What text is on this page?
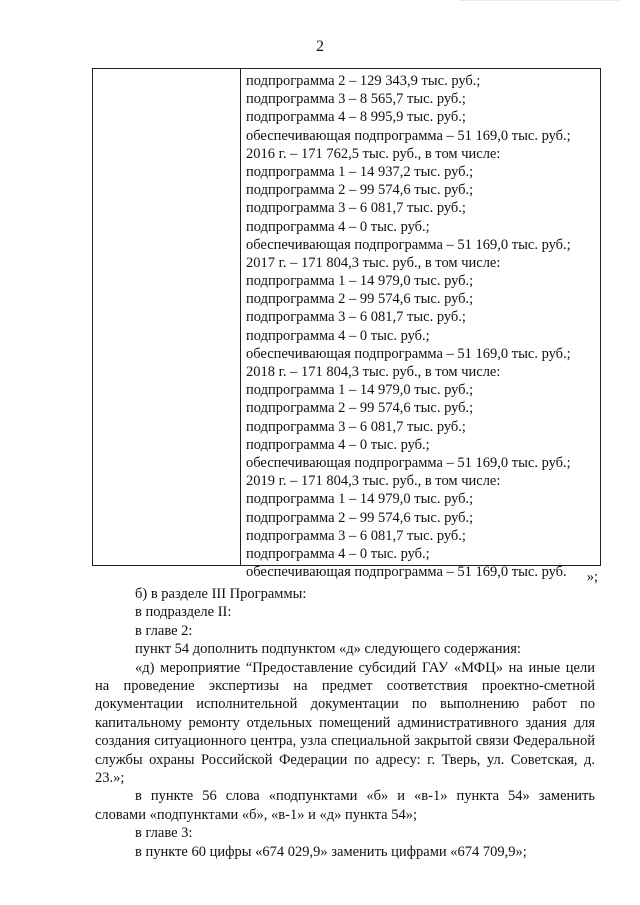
2
подпрограмма 2 – 129 343,9 тыс. руб.;
подпрограмма 3 – 8 565,7 тыс. руб.;
подпрограмма 4 – 8 995,9 тыс. руб.;
обеспечивающая подпрограмма – 51 169,0 тыс. руб.;
2016 г. – 171 762,5 тыс. руб., в том числе:
подпрограмма 1 – 14 937,2 тыс. руб.;
подпрограмма 2 – 99 574,6 тыс. руб.;
подпрограмма 3 – 6 081,7 тыс. руб.;
подпрограмма 4 – 0 тыс. руб.;
обеспечивающая подпрограмма – 51 169,0 тыс. руб.;
2017 г. – 171 804,3 тыс. руб., в том числе:
подпрограмма 1 – 14 979,0 тыс. руб.;
подпрограмма 2 – 99 574,6 тыс. руб.;
подпрограмма 3 – 6 081,7 тыс. руб.;
подпрограмма 4 – 0 тыс. руб.;
обеспечивающая подпрограмма – 51 169,0 тыс. руб.;
2018 г. – 171 804,3 тыс. руб., в том числе:
подпрограмма 1 – 14 979,0 тыс. руб.;
подпрограмма 2 – 99 574,6 тыс. руб.;
подпрограмма 3 – 6 081,7 тыс. руб.;
подпрограмма 4 – 0 тыс. руб.;
обеспечивающая подпрограмма – 51 169,0 тыс. руб.;
2019 г. – 171 804,3 тыс. руб., в том числе:
подпрограмма 1 – 14 979,0 тыс. руб.;
подпрограмма 2 – 99 574,6 тыс. руб.;
подпрограмма 3 – 6 081,7 тыс. руб.;
подпрограмма 4 – 0 тыс. руб.;
обеспечивающая подпрограмма – 51 169,0 тыс. руб.	»;

б) в разделе III Программы:

в подразделе II:

в главе 2:

пункт 54 дополнить подпунктом «д» следующего содержания:

«д) мероприятие “Предоставление субсидий ГАУ «МФЦ» на иные цели на проведение экспертизы на предмет соответствия проектно-сметной документации исполнительной документации по выполнению работ по капитальному ремонту отдельных помещений административного здания для создания ситуационного центра, узла специальной закрытой связи Федеральной службы охраны Российской Федерации по адресу: г. Тверь, ул. Советская, д. 23.»;

в пункте 56 слова «подпунктами «б» и «в-1» пункта 54» заменить словами «подпунктами «б», «в-1» и «д» пункта 54»;

в главе 3:

в пункте 60 цифры «674 029,9» заменить цифрами «674 709,9»;
